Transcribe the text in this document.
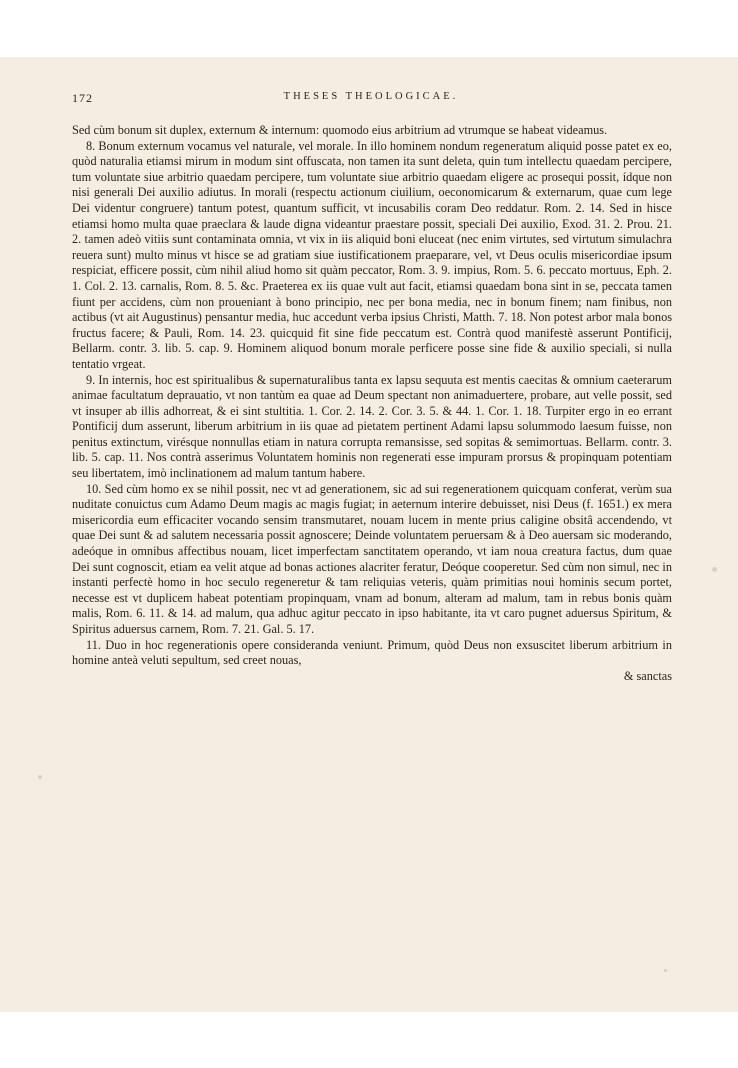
172	THESES THEOLOGICAE.

Sed cùm bonum sit duplex, externum & internum: quomodo eius arbitrium ad vtrumque se habeat videamus.

8. Bonum externum vocamus vel naturale, vel morale. In illo hominem nondum regeneratum aliquid posse patet ex eo, quòd naturalia etiamsi mirum in modum sint offuscata, non tamen ita sunt deleta, quin tum intellectu quaedam percipere, tum voluntate siue arbitrio quaedam percipere, tum voluntate siue arbitrio quaedam eligere ac prosequi possit, ídque non nisi generali Dei auxilio adiutus. In morali (respectu actionum ciuilium, oeconomicarum & externarum, quae cum lege Dei videntur congruere) tantum potest, quantum sufficit, vt incusabilis coram Deo reddatur. Rom. 2. 14. Sed in hisce etiamsi homo multa quae praeclara & laude digna videantur praestare possit, speciali Dei auxilio, Exod. 31. 2. Prou. 21. 2. tamen adeò vitiis sunt contaminata omnia, vt vix in iis aliquid boni eluceat (nec enim virtutes, sed virtutum simulachra reuera sunt) multo minus vt hisce se ad gratiam siue iustificationem praeparare, vel, vt Deus oculis misericordiae ipsum respiciat, efficere possit, cùm nihil aliud homo sit quàm peccator, Rom. 3. 9. impius, Rom. 5. 6. peccato mortuus, Eph. 2. 1. Col. 2. 13. carnalis, Rom. 8. 5. &c. Praeterea ex iis quae vult aut facit, etiamsi quaedam bona sint in se, peccata tamen fiunt per accidens, cùm non proueniant à bono principio, nec per bona media, nec in bonum finem; nam finibus, non actibus (vt ait Augustinus) pensantur media, huc accedunt verba ipsius Christi, Matth. 7. 18. Non potest arbor mala bonos fructus facere; & Pauli, Rom. 14. 23. quicquid fit sine fide peccatum est. Contrà quod manifestè asserunt Pontificij, Bellarm. contr. 3. lib. 5. cap. 9. Hominem aliquod bonum morale perficere posse sine fide & auxilio speciali, si nulla tentatio vrgeat.

9. In internis, hoc est spiritualibus & supernaturalibus tanta ex lapsu sequuta est mentis caecitas & omnium caeterarum animae facultatum deprauatio, vt non tantùm ea quae ad Deum spectant non animaduertere, probare, aut velle possit, sed vt insuper ab illis adhorreat, & ei sint stultitia. 1. Cor. 2. 14. 2. Cor. 3. 5. & 44. 1. Cor. 1. 18. Turpiter ergo in eo errant Pontificij dum asserunt, liberum arbitrium in iis quae ad pietatem pertinent Adami lapsu solummodo laesum fuisse, non penitus extinctum, virésque nonnullas etiam in natura corrupta remansisse, sed sopitas & semimortuas. Bellarm. contr. 3. lib. 5. cap. 11. Nos contrà asserimus Voluntatem hominis non regenerati esse impuram prorsus & propinquam potentiam seu libertatem, imò inclinationem ad malum tantum habere.

10. Sed cùm homo ex se nihil possit, nec vt ad generationem, sic ad sui regenerationem quicquam conferat, verùm sua nuditate conuictus cum Adamo Deum magis ac magis fugiat; in aeternum interire debuisset, nisi Deus (f. 1651.) ex mera misericordia eum efficaciter vocando sensim transmutaret, nouam lucem in mente prius caligine obsitâ accendendo, vt quae Dei sunt & ad salutem necessaria possit agnoscere; Deinde voluntatem peruersam & à Deo auersam sic moderando, adeóque in omnibus affectibus nouam, licet imperfectam sanctitatem operando, vt iam noua creatura factus, dum quae Dei sunt cognoscit, etiam ea velit atque ad bonas actiones alacriter feratur, Deóque cooperetur. Sed cùm non simul, nec in instanti perfectè homo in hoc seculo regeneretur & tam reliquias veteris, quàm primitias noui hominis secum portet, necesse est vt duplicem habeat potentiam propinquam, vnam ad bonum, alteram ad malum, tam in rebus bonis quàm malis, Rom. 6. 11. & 14. ad malum, qua adhuc agitur peccato in ipso habitante, ita vt caro pugnet aduersus Spiritum, & Spiritus aduersus carnem, Rom. 7. 21. Gal. 5. 17.

11. Duo in hoc regenerationis opere consideranda veniunt. Primum, quòd Deus non exsuscitet liberum arbitrium in homine anteà veluti sepultum, sed creet nouas,

& sanctas
